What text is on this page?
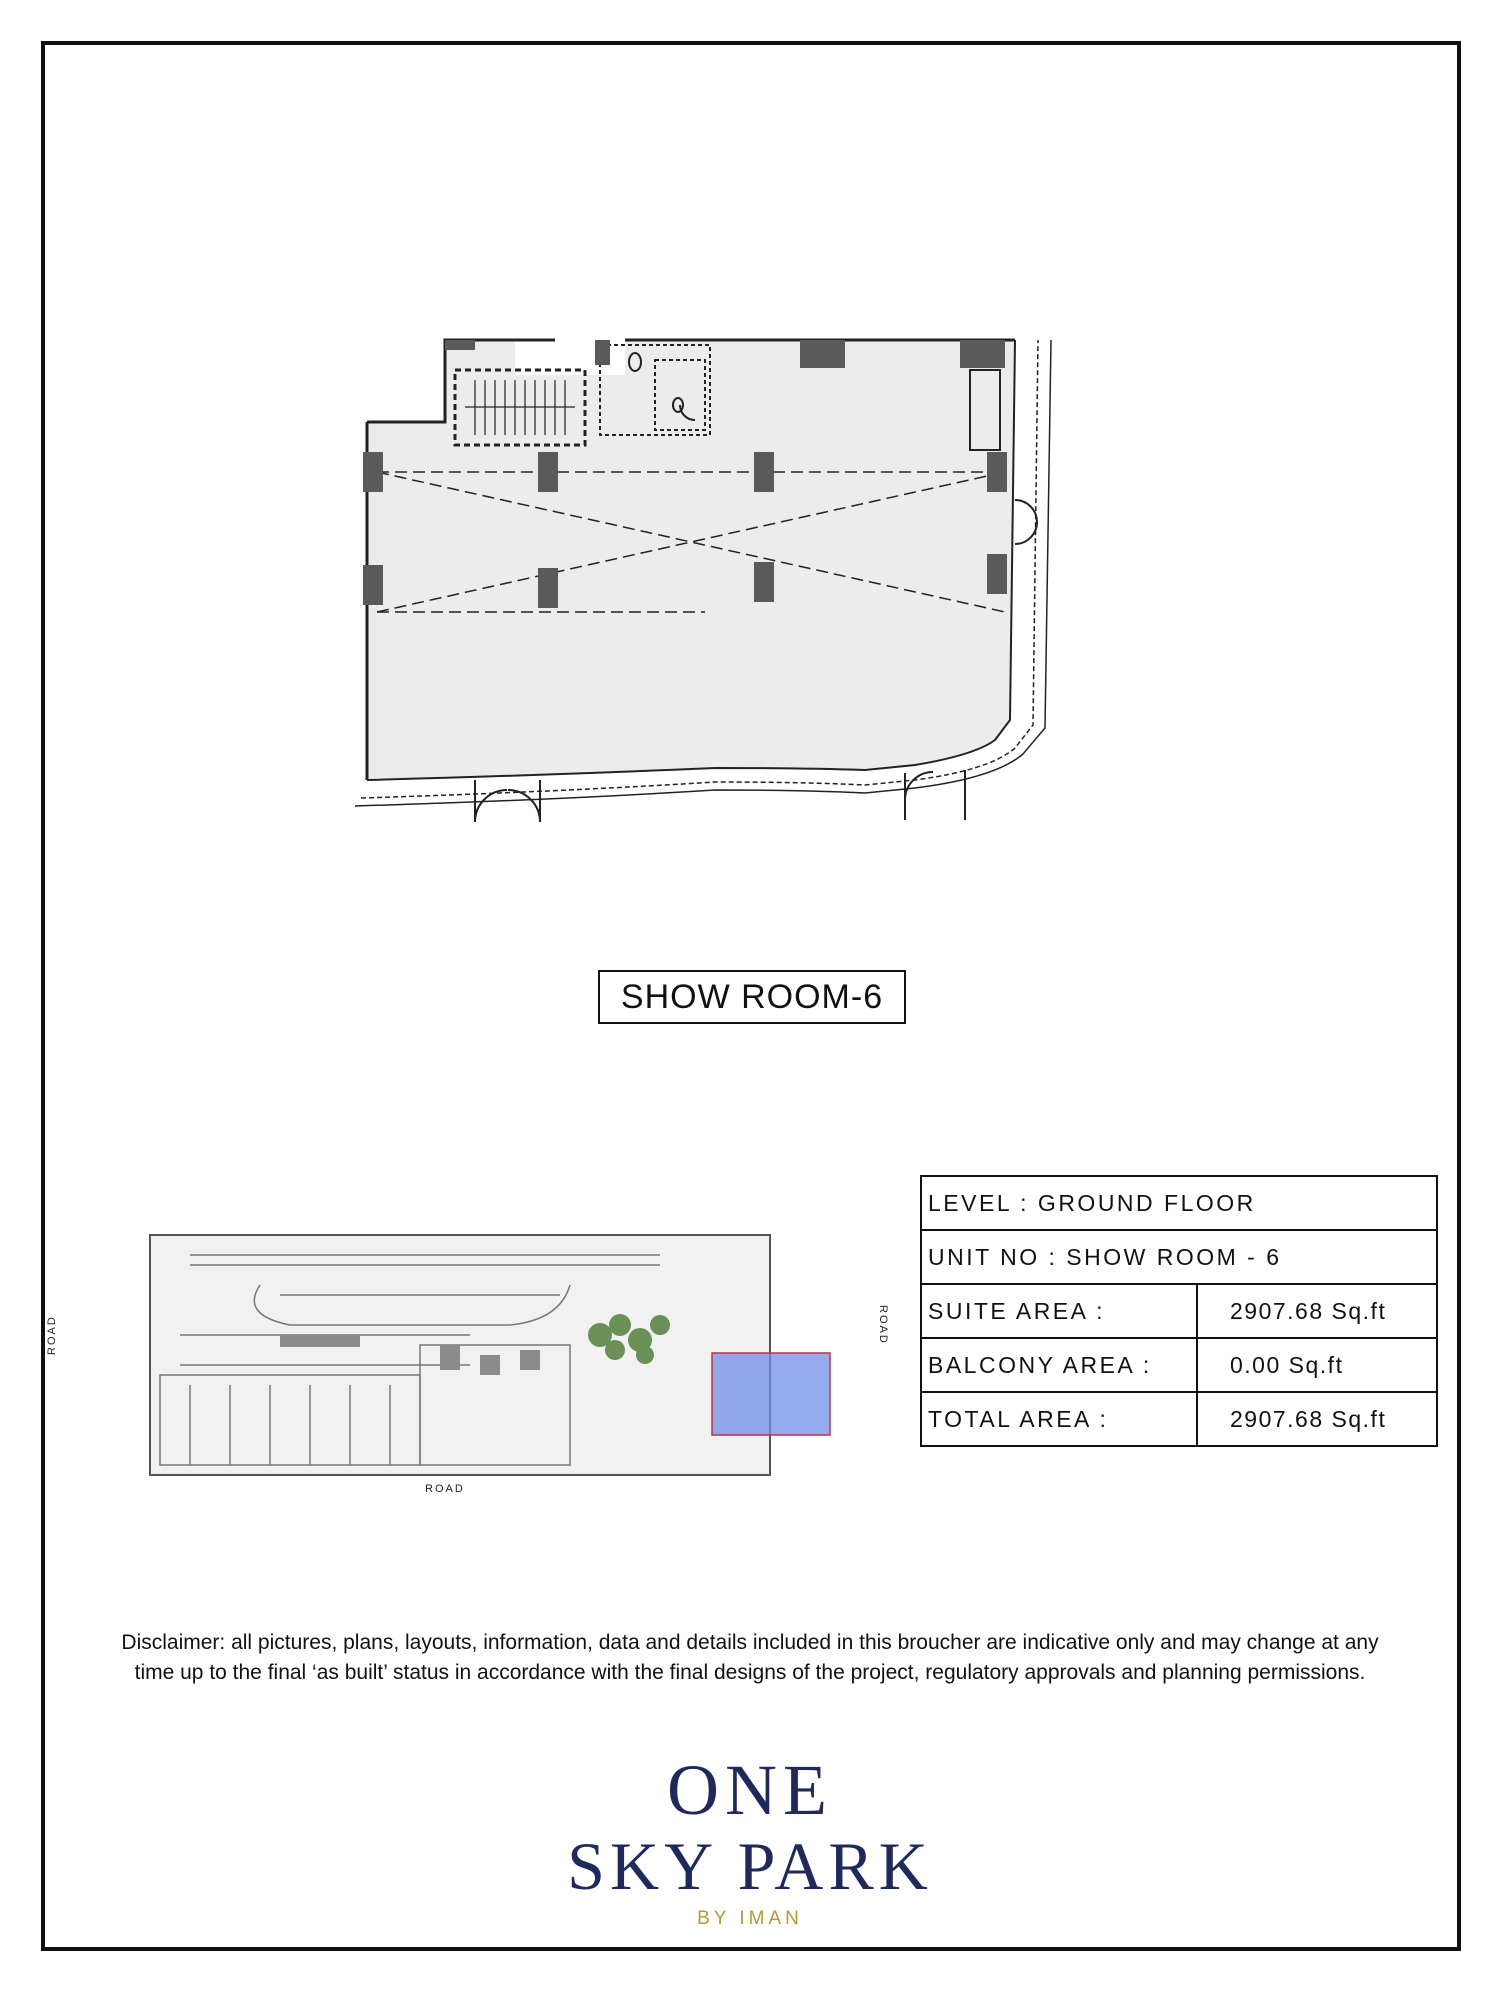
SHOW ROOM-6
ROAD	ROAD
ROAD
LEVEL : GROUND FLOOR	
UNIT NO : SHOW ROOM - 6	
SUITE AREA :	2907.68 Sq.ft
BALCONY AREA :	0.00 Sq.ft
TOTAL AREA :	2907.68 Sq.ft
Disclaimer: all pictures, plans, layouts, information, data and details included in this broucher are indicative only and may change at any time up to the final ‘as built’ status in accordance with the final designs of the project, regulatory approvals and planning permissions.
ONE
SKY PARK
BY IMAN
